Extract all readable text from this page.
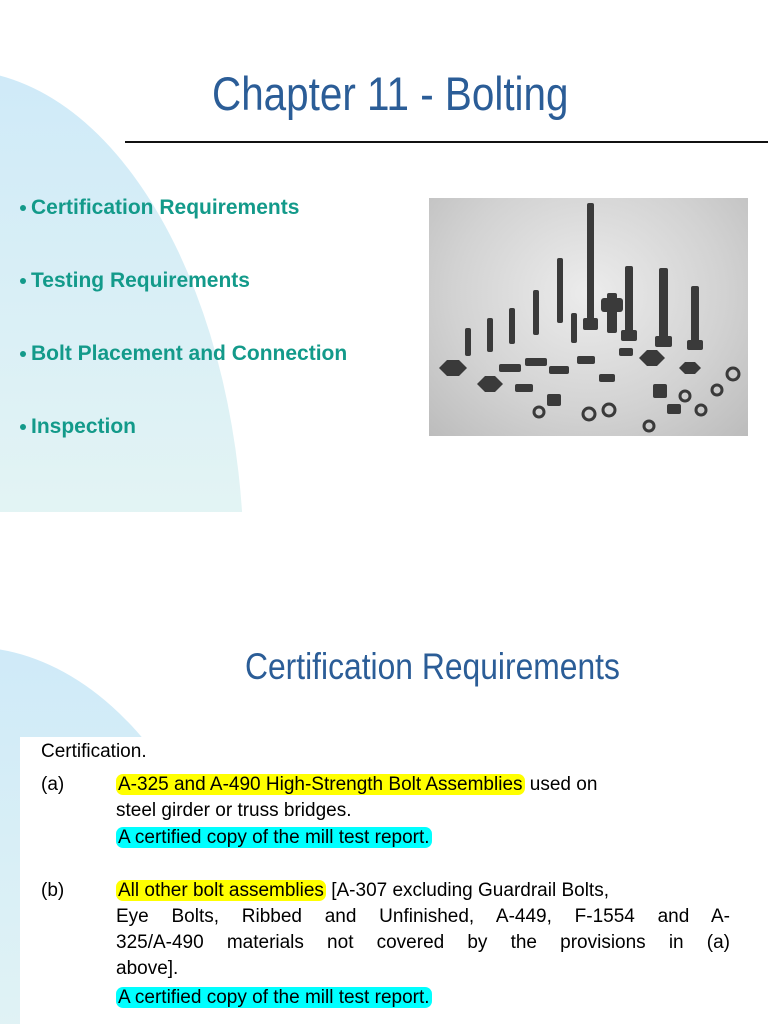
Chapter 11 - Bolting
Certification Requirements
Testing Requirements
Bolt Placement and Connection
Inspection
Certification Requirements
Certification.
(a)	A-325 and A-490 High-Strength Bolt Assemblies used on
steel girder or truss bridges.
A certified copy of the mill test report.
(b)	All other bolt assemblies [A-307 excluding Guardrail Bolts,
Eye Bolts, Ribbed and Unfinished, A-449, F-1554 and A-
325/A-490 materials not covered by the provisions in (a)
above].
A certified copy of the mill test report.
